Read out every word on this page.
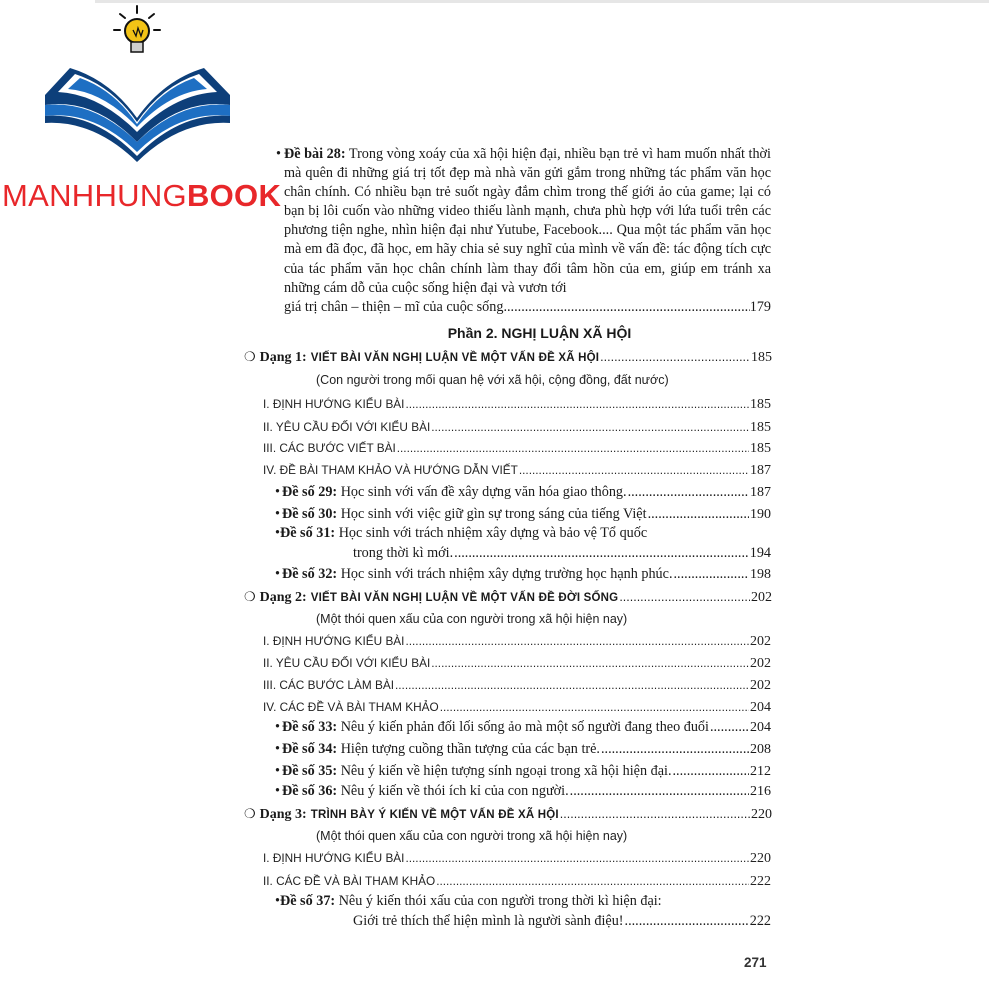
MANHHUNGBOOK
• Đề bài 28: Trong vòng xoáy của xã hội hiện đại, nhiều bạn trẻ vì ham muốn nhất thời mà quên đi những giá trị tốt đẹp mà nhà văn gửi gắm trong những tác phẩm văn học chân chính. Có nhiều bạn trẻ suốt ngày đắm chìm trong thế giới ảo của game; lại có bạn bị lôi cuốn vào những video thiếu lành mạnh, chưa phù hợp với lứa tuổi trên các phương tiện nghe, nhìn hiện đại như Yutube, Facebook.... Qua một tác phẩm văn học mà em đã đọc, đã học, em hãy chia sẻ suy nghĩ của mình về vấn đề: tác động tích cực của tác phẩm văn học chân chính làm thay đổi tâm hồn của em, giúp em tránh xa những cám dỗ của cuộc sống hiện đại và vươn tới
giá trị chân – thiện – mĩ của cuộc sống. .....	179
Phần 2. NGHỊ LUẬN XÃ HỘI
❍ Dạng 1: VIẾT BÀI VĂN NGHỊ LUẬN VỀ MỘT VẤN ĐỀ XÃ HỘI .....	185
(Con người trong mối quan hệ với xã hội, cộng đồng, đất nước)
I. ĐỊNH HƯỚNG KIỂU BÀI .....	185
II. YÊU CẦU ĐỐI VỚI KIỂU BÀI .....	185
III. CÁC BƯỚC VIẾT BÀI .....	185
IV. ĐỀ BÀI THAM KHẢO VÀ HƯỚNG DẪN VIẾT .....	187
• Đề số 29:
Học sinh với vấn đề xây dựng văn hóa giao thông. .....	187
• Đề số 30:
Học sinh với việc giữ gìn sự trong sáng của tiếng Việt .....	190
•Đề số 31: Học sinh với trách nhiệm xây dựng và bảo vệ Tổ quốc
trong thời kì mới. .....	194
• Đề số 32:
Học sinh với trách nhiệm xây dựng trường học hạnh phúc. .....	198
❍ Dạng 2: VIẾT BÀI VĂN NGHỊ LUẬN VỀ MỘT VẤN ĐỀ ĐỜI SỐNG .....	202
(Một thói quen xấu của con người trong xã hội hiện nay)
I. ĐỊNH HƯỚNG KIỂU BÀI .....	202
II. YÊU CẦU ĐỐI VỚI KIỂU BÀI .....	202
III. CÁC BƯỚC LÀM BÀI .....	202
IV. CÁC ĐỀ VÀ BÀI THAM KHẢO .....	204
• Đề số 33:
Nêu ý kiến phản đối lối sống ảo mà một số người đang theo đuổi .....	204
• Đề số 34:
Hiện tượng cuồng thần tượng của các bạn trẻ. .....	208
• Đề số 35:
Nêu ý kiến về hiện tượng sính ngoại trong xã hội hiện đại. .....	212
• Đề số 36:
Nêu ý kiến về thói ích kỉ của con người. .....	216
❍ Dạng 3: TRÌNH BÀY Ý KIẾN VỀ MỘT VẤN ĐỀ XÃ HỘI .....	220
(Một thói quen xấu của con người trong xã hội hiện nay)
I. ĐỊNH HƯỚNG KIỂU BÀI .....	220
II. CÁC ĐỀ VÀ BÀI THAM KHẢO .....	222
•Đề số 37: Nêu ý kiến thói xấu của con người trong thời kì hiện đại:
Giới trẻ thích thể hiện mình là người sành điệu! .....	222
271
